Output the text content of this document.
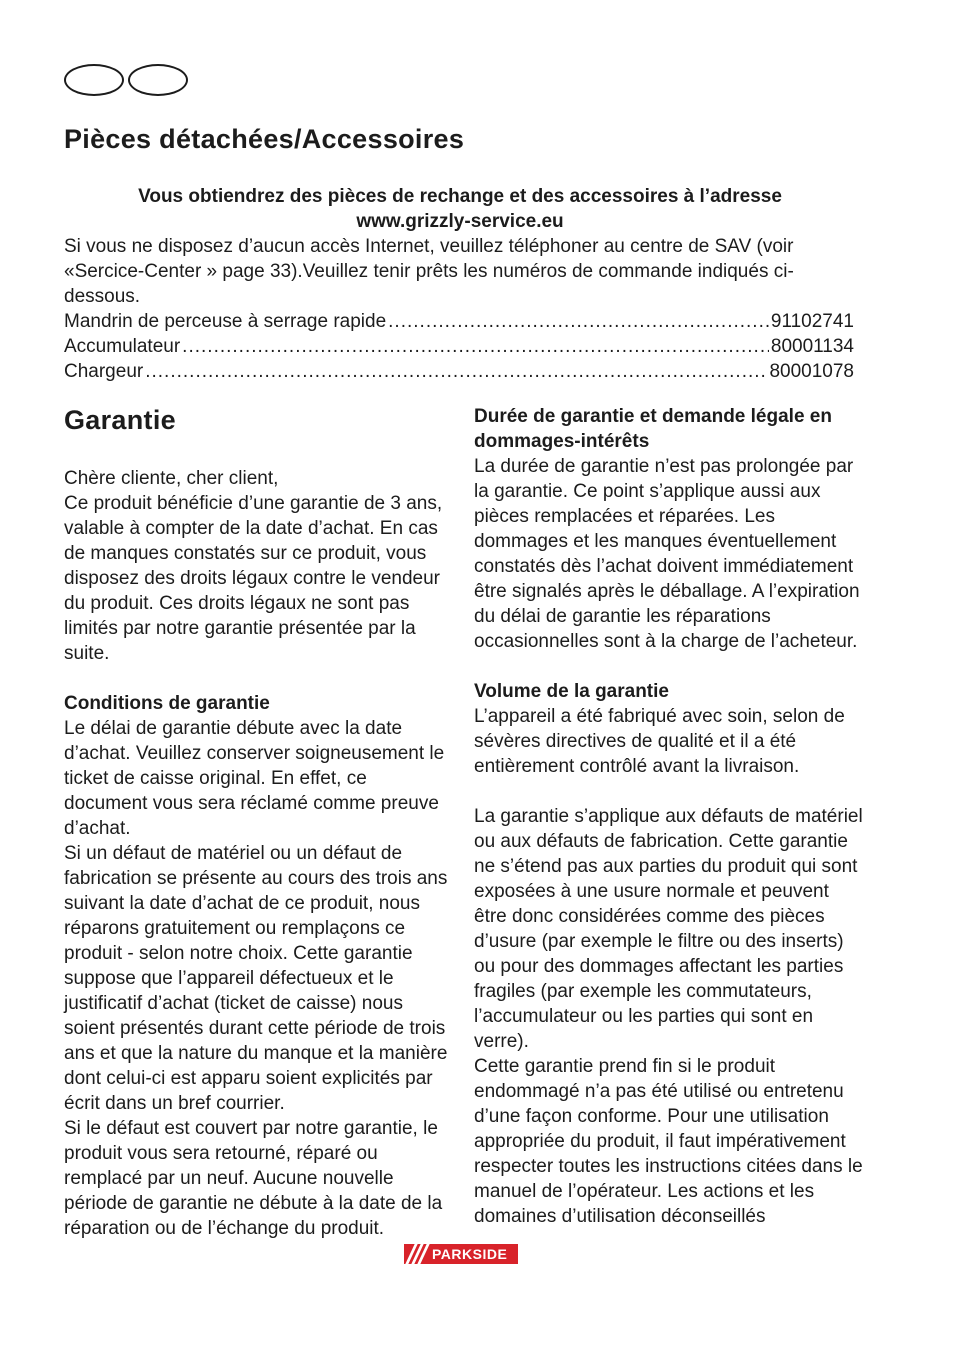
Pièces détachées/Accessoires
Vous obtiendrez des pièces de rechange et des accessoires à l’adresse
www.grizzly-service.eu

Si vous ne disposez d’aucun accès Internet, veuillez téléphoner au centre de SAV (voir «Sercice-Center » page 33).Veuillez tenir prêts les numéros de commande indiqués ci-dessous.

Mandrin de perceuse à serrage rapide .....	91102741
Accumulateur .....	80001134
Chargeur .....	80001078
Garantie

Chère cliente, cher client,

Ce produit bénéficie d’une garantie de 3 ans, valable à compter de la date d’achat. En cas de manques constatés sur ce produit, vous disposez des droits légaux contre le vendeur du produit. Ces droits légaux ne sont pas limités par notre garantie présentée par la suite.

Conditions de garantie

Le délai de garantie débute avec la date d’achat. Veuillez conserver soigneusement le ticket de caisse original. En effet, ce document vous sera réclamé comme preuve d’achat.

Si un défaut de matériel ou un défaut de fabrication se présente au cours des trois ans suivant la date d’achat de ce produit, nous réparons gratuitement ou remplaçons ce produit - selon notre choix. Cette garantie suppose que l’appareil défectueux et le justificatif d’achat (ticket de caisse) nous soient présentés durant cette période de trois ans et que la nature du manque et la manière dont celui-ci est apparu soient explicités par écrit dans un bref courrier.

Si le défaut est couvert par notre garantie, le produit vous sera retourné, réparé ou remplacé par un neuf. Aucune nouvelle période de garantie ne débute à la date de la réparation ou de l’échange du produit.

Durée de garantie et demande légale en dommages-intérêts

La durée de garantie n’est pas prolongée par la garantie. Ce point s’applique aussi aux pièces remplacées et réparées. Les dommages et les manques éventuellement constatés dès l’achat doivent immédiatement être signalés après le déballage. A l’expiration du délai de garantie les réparations occasionnelles sont à la charge de l’acheteur.

Volume de la garantie

L’appareil a été fabriqué avec soin, selon de sévères directives de qualité et il a été entièrement contrôlé avant la livraison.

La garantie s’applique aux défauts de matériel ou aux défauts de fabrication. Cette garantie ne s’étend pas aux parties du produit qui sont exposées à une usure normale et peuvent être donc considérées comme des pièces d’usure (par exemple le filtre ou des inserts) ou pour des dommages affectant les parties fragiles (par exemple les commutateurs, l’accumulateur ou les parties qui sont en verre).

Cette garantie prend fin si le produit endommagé n’a pas été utilisé ou entretenu d’une façon conforme. Pour une utilisation appropriée du produit, il faut impérativement respecter toutes les instructions citées dans le manuel de l’opérateur. Les actions et les domaines d’utilisation déconseillés

PARKSIDE
